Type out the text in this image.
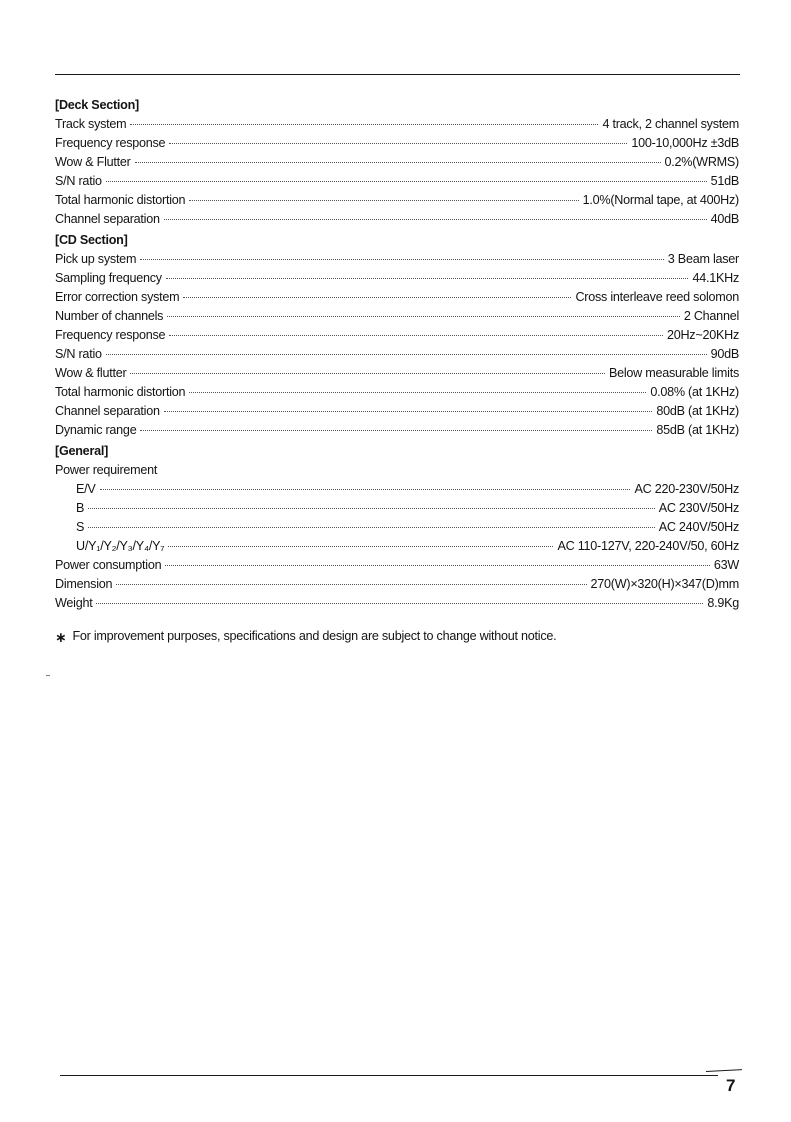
[Deck Section]
Track system	4 track, 2 channel system
Frequency response	100-10,000Hz ±3dB
Wow & Flutter	0.2%(WRMS)
S/N ratio	51dB
Total harmonic distortion	1.0%(Normal tape, at 400Hz)
Channel separation	40dB
[CD Section]
Pick up system	3 Beam laser
Sampling frequency	44.1KHz
Error correction system	Cross interleave reed solomon
Number of channels	2 Channel
Frequency response	20Hz~20KHz
S/N ratio	90dB
Wow & flutter	Below measurable limits
Total harmonic distortion	0.08% (at 1KHz)
Channel separation	80dB (at 1KHz)
Dynamic range	85dB (at 1KHz)
[General]
Power requirement
E/V	AC 220-230V/50Hz
B	AC 230V/50Hz
S	AC 240V/50Hz
U/Y₁/Y₂/Y₃/Y₄/Y₇	AC 110-127V, 220-240V/50, 60Hz
Power consumption	63W
Dimension	270(W)×320(H)×347(D)mm
Weight	8.9Kg
∗ For improvement purposes, specifications and design are subject to change without notice.
7
